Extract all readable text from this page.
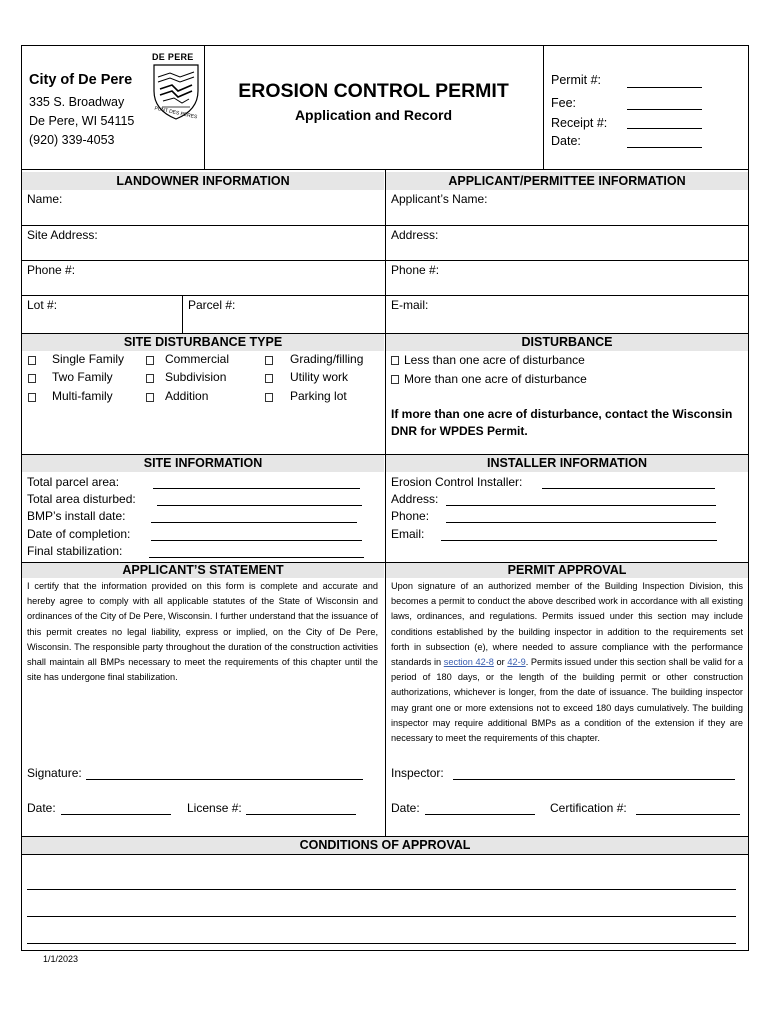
City of De Pere
335 S. Broadway
De Pere, WI 54115
(920) 339-4053
DE PERE
PUNT DES PERES
EROSION CONTROL PERMIT
Application and Record
Permit #:
Fee:
Receipt #:
Date:
LANDOWNER INFORMATION	APPLICANT/PERMITTEE INFORMATION
Name:
Site Address:
Phone #:
Lot #:	Parcel #:
Applicant’s Name:
Address:
Phone #:
E-mail:
SITE DISTURBANCE TYPE
Single Family
Two Family
Multi-family
Commercial
Subdivision
Addition
Grading/filling
Utility work
Parking lot
DISTURBANCE
Less than one acre of disturbance
More than one acre of disturbance
If more than one acre of disturbance, contact the Wisconsin DNR for WPDES Permit.
SITE INFORMATION
Total parcel area:
Total area disturbed:
BMP’s install date:
Date of completion:
Final stabilization:
INSTALLER INFORMATION
Erosion Control Installer:
Address:
Phone:
Email:
APPLICANT’S STATEMENT
I certify that the information provided on this form is complete and accurate and hereby agree to comply with all applicable statutes of the State of Wisconsin and ordinances of the City of De Pere, Wisconsin. I further understand that the issuance of this permit creates no legal liability, express or implied, on the City of De Pere, Wisconsin. The responsible party throughout the duration of the construction activities shall maintain all BMPs necessary to meet the requirements of this chapter until the site has undergone final stabilization.
Signature:
Date:	License #:
PERMIT APPROVAL
Upon signature of an authorized member of the Building Inspection Division, this becomes a permit to conduct the above described work in accordance with all existing laws, ordinances, and regulations. Permits issued under this section may include conditions established by the building inspector in addition to the requirements set forth in subsection (e), where needed to assure compliance with the performance standards in section 42-8 or 42-9. Permits issued under this section shall be valid for a period of 180 days, or the length of the building permit or other construction authorizations, whichever is longer, from the date of issuance. The building inspector may grant one or more extensions not to exceed 180 days cumulatively. The building inspector may require additional BMPs as a condition of the extension if they are necessary to meet the requirements of this chapter.
Inspector:
Date:	Certification #:
CONDITIONS OF APPROVAL
1/1/2023
